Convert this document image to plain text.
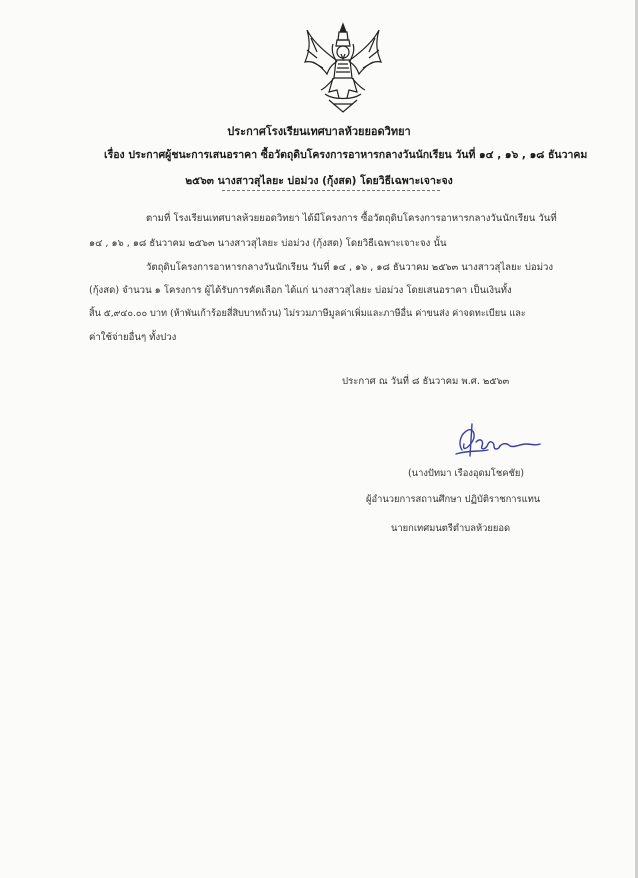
ประกาศโรงเรียนเทศบาลห้วยยอดวิทยา
เรื่อง ประกาศผู้ชนะการเสนอราคา ซื้อวัตถุดิบโครงการอาหารกลางวันนักเรียน วันที่ ๑๔ , ๑๖ , ๑๘ ธันวาคม
๒๕๖๓ นางสาวสุไลยะ บ่อม่วง (กุ้งสด) โดยวิธีเฉพาะเจาะจง
ตามที่ โรงเรียนเทศบาลห้วยยอดวิทยา ได้มีโครงการ ซื้อวัตถุดิบโครงการอาหารกลางวันนักเรียน วันที่
๑๔ , ๑๖ , ๑๘ ธันวาคม ๒๕๖๓ นางสาวสุไลยะ บ่อม่วง (กุ้งสด) โดยวิธีเฉพาะเจาะจง นั้น
วัตถุดิบโครงการอาหารกลางวันนักเรียน วันที่ ๑๔ , ๑๖ , ๑๘ ธันวาคม ๒๕๖๓ นางสาวสุไลยะ บ่อม่วง
(กุ้งสด) จำนวน ๑ โครงการ ผู้ได้รับการคัดเลือก ได้แก่ นางสาวสุไลยะ บ่อม่วง โดยเสนอราคา เป็นเงินทั้ง
สิ้น ๕,๙๔๐.๐๐ บาท (ห้าพันเก้าร้อยสี่สิบบาทถ้วน) ไม่รวมภาษีมูลค่าเพิ่มและภาษีอื่น ค่าขนส่ง ค่าจดทะเบียน และ
ค่าใช้จ่ายอื่นๆ ทั้งปวง
ประกาศ ณ วันที่ ๘ ธันวาคม พ.ศ. ๒๕๖๓
(นางปัทมา เรืองอุดมโชคชัย)
ผู้อำนวยการสถานศึกษา ปฏิบัติราชการแทน
นายกเทศมนตรีตำบลห้วยยอด
